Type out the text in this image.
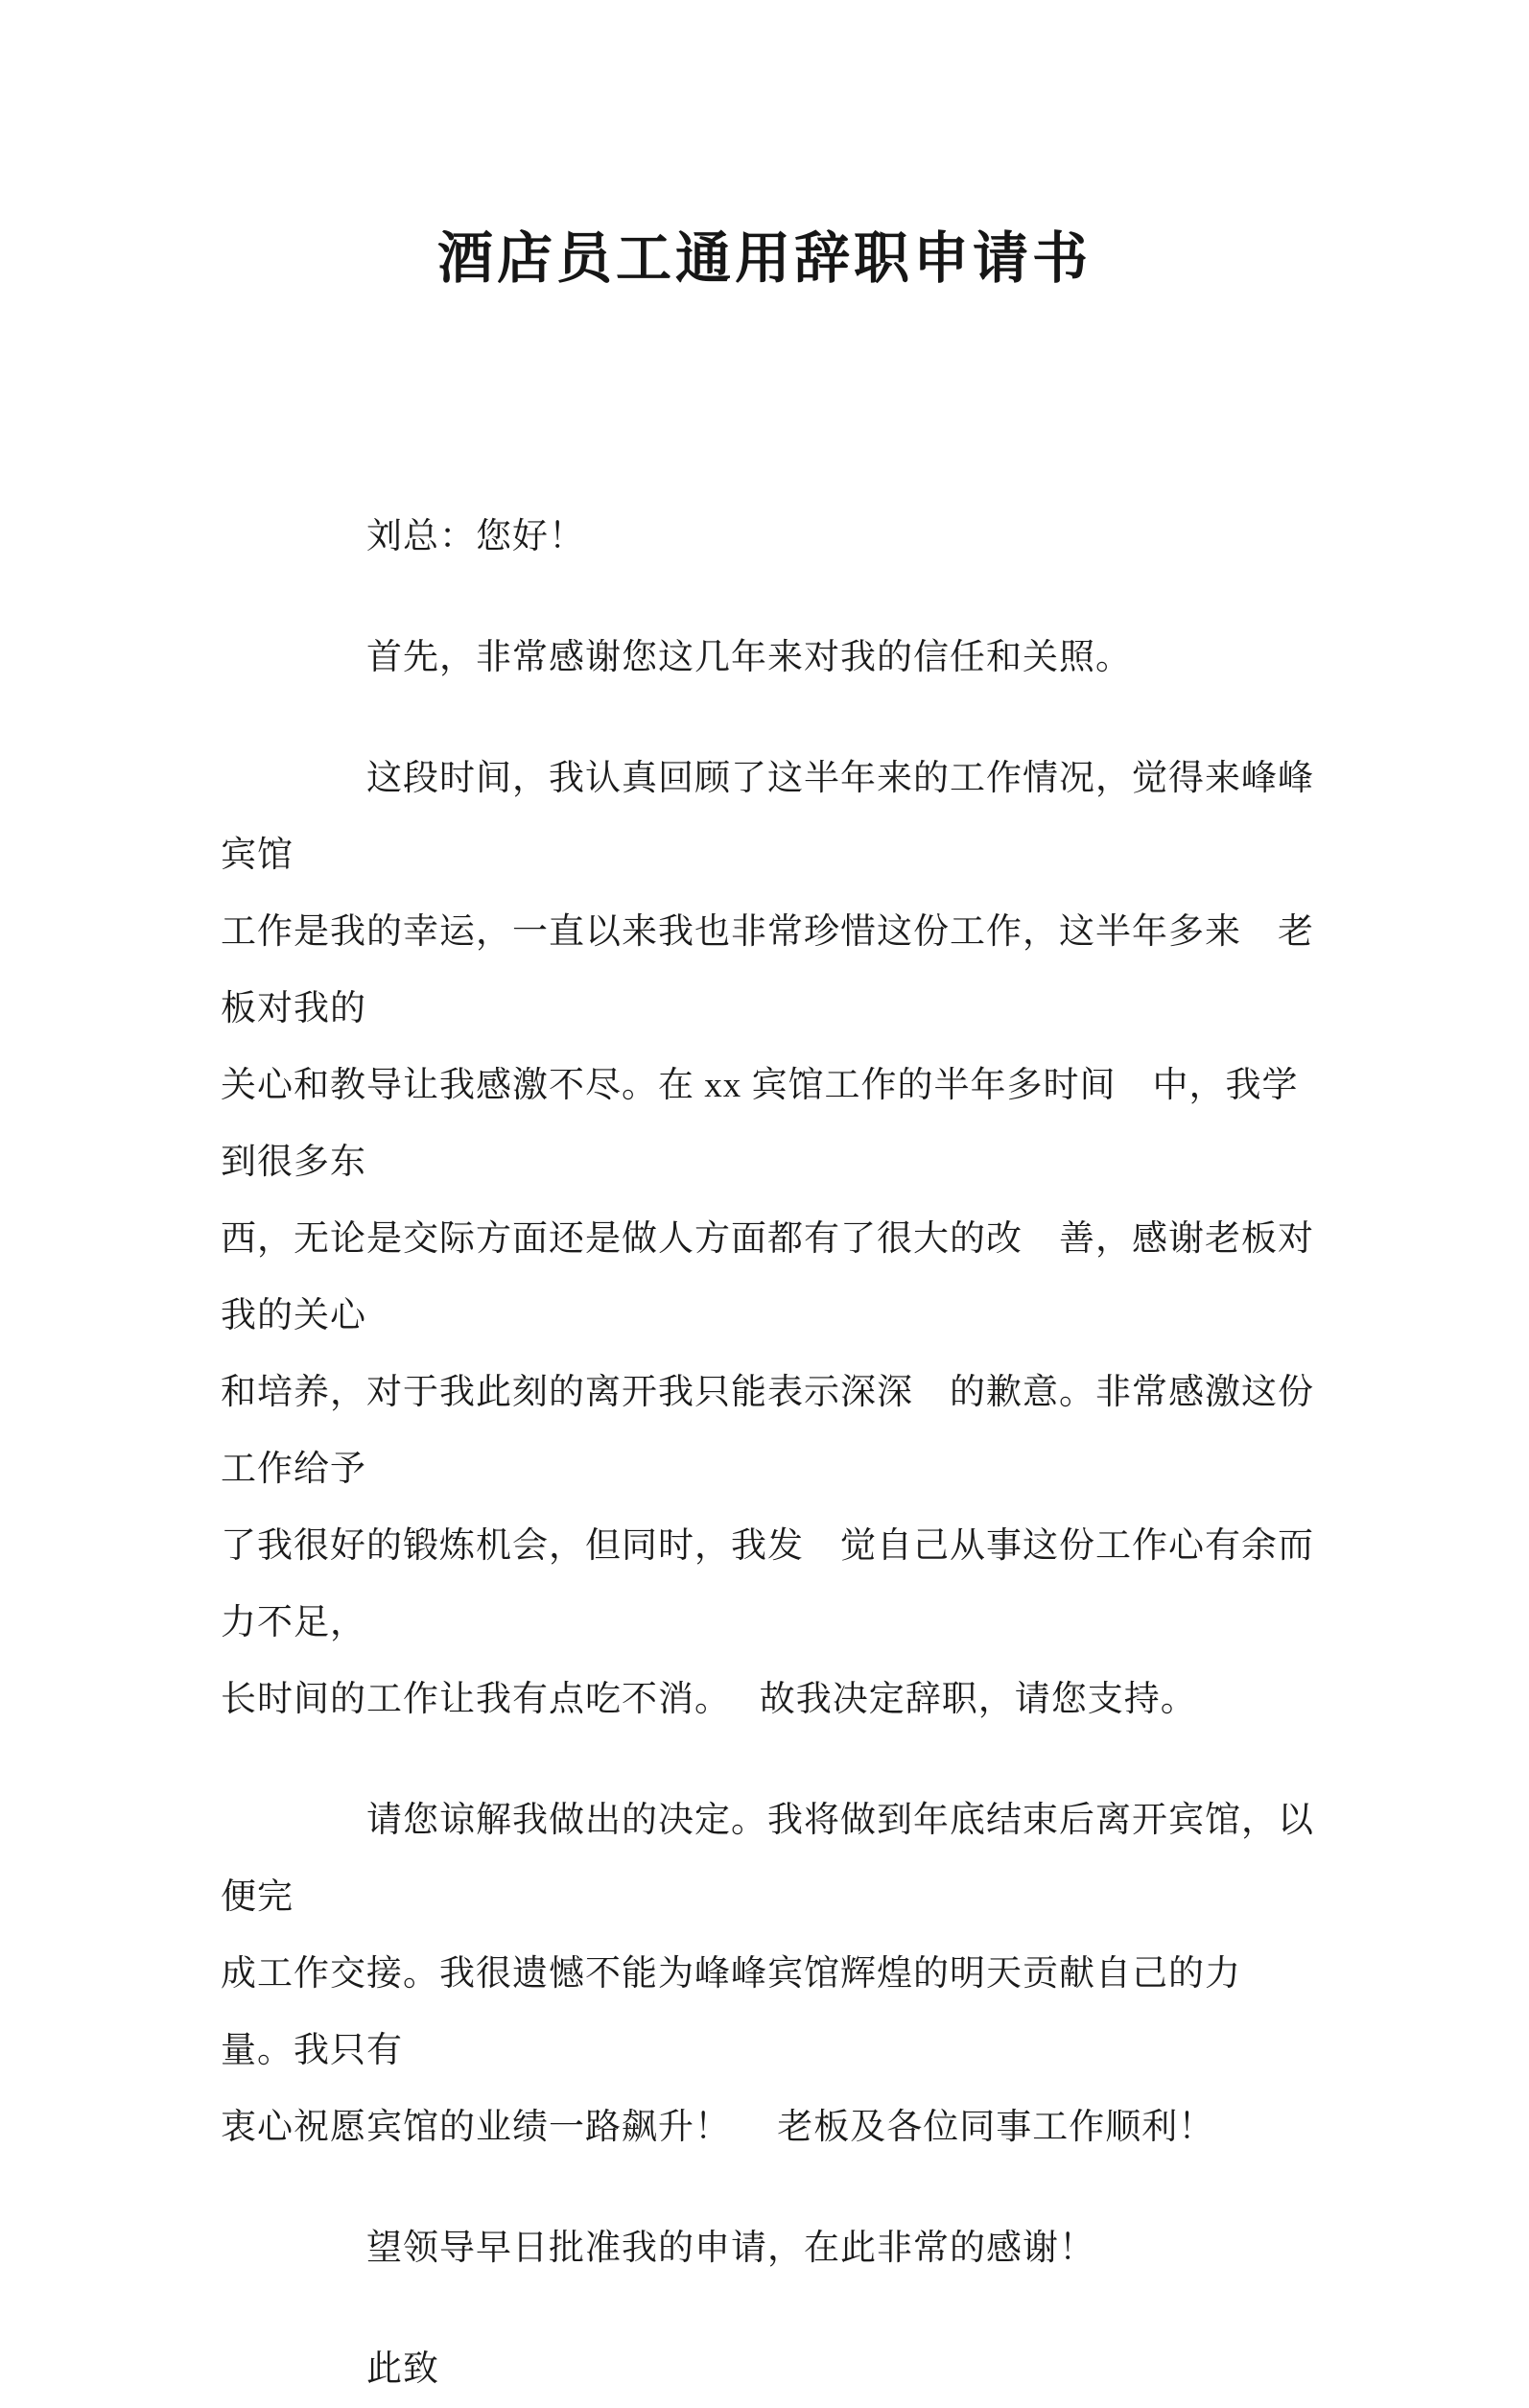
酒店员工通用辞职申请书

刘总：您好！

首先，非常感谢您这几年来对我的信任和关照。

这段时间，我认真回顾了这半年来的工作情况，觉得来峰峰　宾馆

工作是我的幸运，一直以来我也非常珍惜这份工作，这半年多来　老板对我的

关心和教导让我感激不尽。在 xx 宾馆工作的半年多时间　中，我学到很多东

西，无论是交际方面还是做人方面都有了很大的改　善，感谢老板对我的关心

和培养，对于我此刻的离开我只能表示深深　的歉意。非常感激这份工作给予

了我很好的锻炼机会，但同时，我发　觉自己从事这份工作心有余而力不足，

长时间的工作让我有点吃不消。　 故我决定辞职，请您支持。

请您谅解我做出的决定。我将做到年底结束后离开宾馆，以　便完

成工作交接。我很遗憾不能为峰峰宾馆辉煌的明天贡献自己的力　量。我只有

衷心祝愿宾馆的业绩一路飙升！　 老板及各位同事工作顺利！

望领导早日批准我的申请，在此非常的感谢！

此致
